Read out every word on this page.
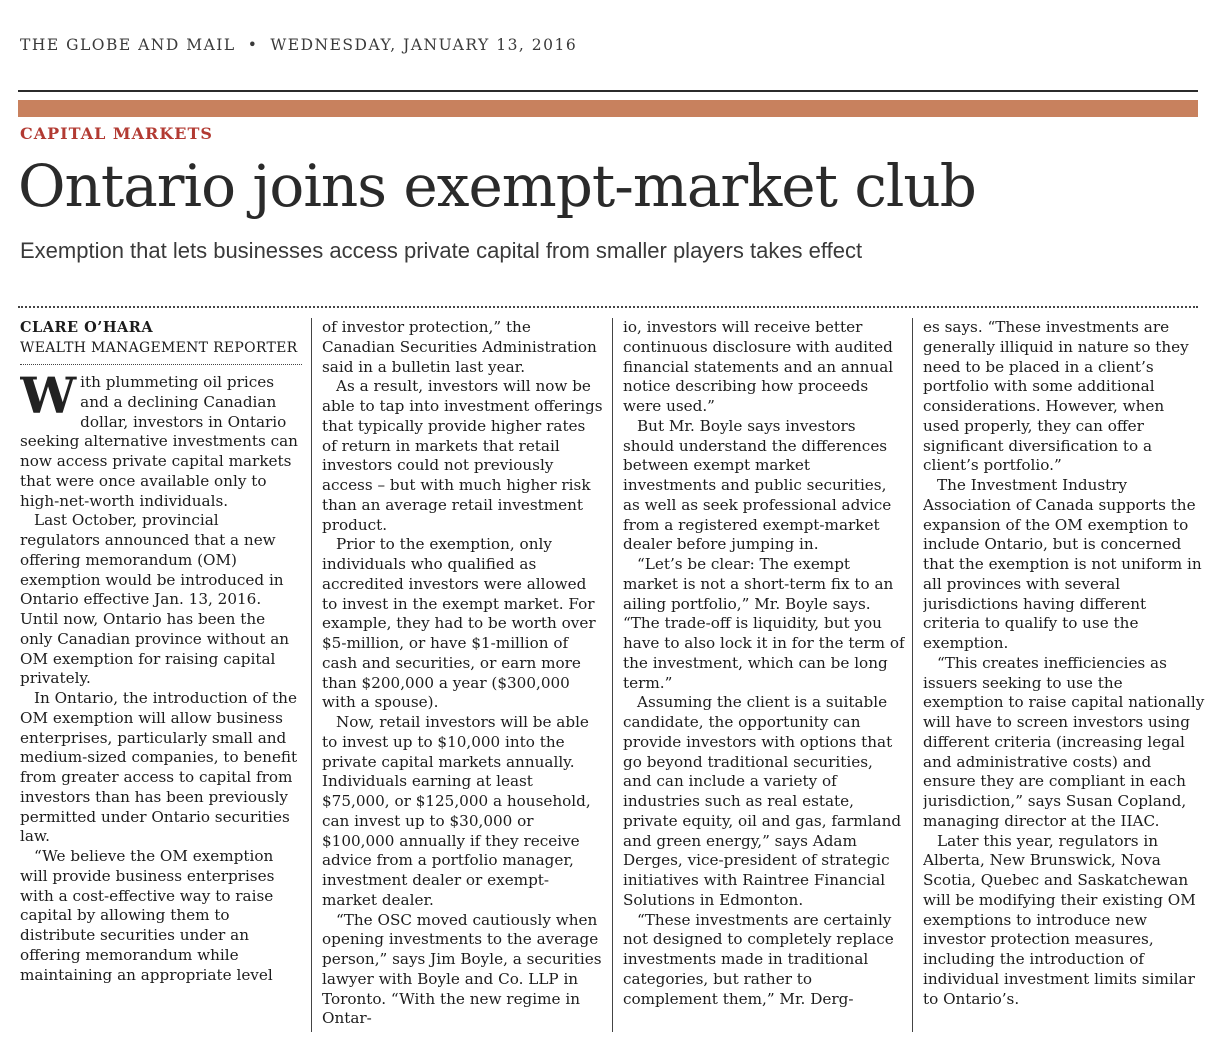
THE GLOBE AND MAIL • WEDNESDAY, JANUARY 13, 2016
CAPITAL MARKETS
Ontario joins exempt-market club
Exemption that lets businesses access private capital from smaller players takes effect
CLARE O’HARA
WEALTH MANAGEMENT REPORTER

With plummeting oil prices and a declining Canadian dollar, investors in Ontario seeking alternative investments can now access private capital markets that were once available only to high-net-worth individuals.

Last October, provincial regulators announced that a new offering memorandum (OM) exemption would be introduced in Ontario effective Jan. 13, 2016. Until now, Ontario has been the only Canadian province without an OM exemption for raising capital privately.

In Ontario, the introduction of the OM exemption will allow business enterprises, particularly small and medium-sized companies, to benefit from greater access to capital from investors than has been previously permitted under Ontario securities law.

“We believe the OM exemption will provide business enterprises with a cost-effective way to raise capital by allowing them to distribute securities under an offering memorandum while maintaining an appropriate level

of investor protection,” the Canadian Securities Administration said in a bulletin last year.

As a result, investors will now be able to tap into investment offerings that typically provide higher rates of return in markets that retail investors could not previously access – but with much higher risk than an average retail investment product.

Prior to the exemption, only individuals who qualified as accredited investors were allowed to invest in the exempt market. For example, they had to be worth over $5-million, or have $1-million of cash and securities, or earn more than $200,000 a year ($300,000 with a spouse).

Now, retail investors will be able to invest up to $10,000 into the private capital markets annually. Individuals earning at least $75,000, or $125,000 a household, can invest up to $30,000 or $100,000 annually if they receive advice from a portfolio manager, investment dealer or exempt-market dealer.

“The OSC moved cautiously when opening investments to the average person,” says Jim Boyle, a securities lawyer with Boyle and Co. LLP in Toronto. “With the new regime in Ontar-

io, investors will receive better continuous disclosure with audited financial statements and an annual notice describing how proceeds were used.”

But Mr. Boyle says investors should understand the differences between exempt market investments and public securities, as well as seek professional advice from a registered exempt-market dealer before jumping in.

“Let’s be clear: The exempt market is not a short-term fix to an ailing portfolio,” Mr. Boyle says. “The trade-off is liquidity, but you have to also lock it in for the term of the investment, which can be long term.”

Assuming the client is a suitable candidate, the opportunity can provide investors with options that go beyond traditional securities, and can include a variety of industries such as real estate, private equity, oil and gas, farmland and green energy,” says Adam Derges, vice-president of strategic initiatives with Raintree Financial Solutions in Edmonton.

“These investments are certainly not designed to completely replace investments made in traditional categories, but rather to complement them,” Mr. Derg-

es says. “These investments are generally illiquid in nature so they need to be placed in a client’s portfolio with some additional considerations. However, when used properly, they can offer significant diversification to a client’s portfolio.”

The Investment Industry Association of Canada supports the expansion of the OM exemption to include Ontario, but is concerned that the exemption is not uniform in all provinces with several jurisdictions having different criteria to qualify to use the exemption.

“This creates inefficiencies as issuers seeking to use the exemption to raise capital nationally will have to screen investors using different criteria (increasing legal and administrative costs) and ensure they are compliant in each jurisdiction,” says Susan Copland, managing director at the IIAC.

Later this year, regulators in Alberta, New Brunswick, Nova Scotia, Quebec and Saskatchewan will be modifying their existing OM exemptions to introduce new investor protection measures, including the introduction of individual investment limits similar to Ontario’s.
